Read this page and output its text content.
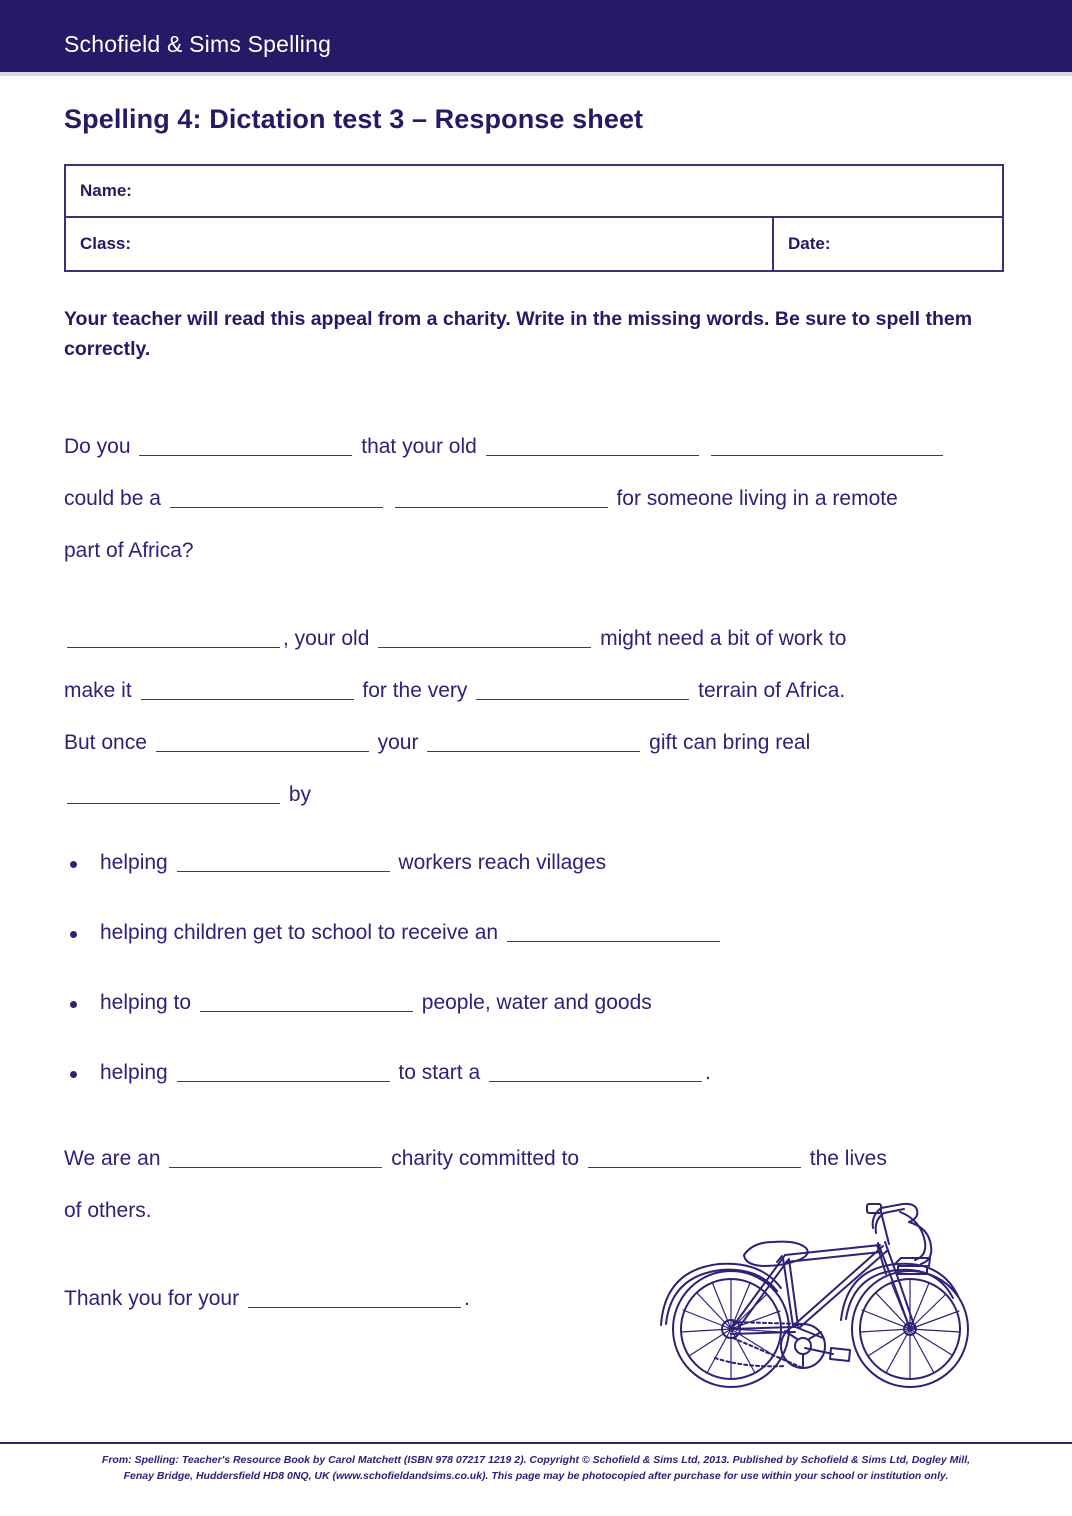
Schofield & Sims Spelling
Spelling 4: Dictation test 3 – Response sheet
Name:
Class:	Date:
Your teacher will read this appeal from a charity. Write in the missing words. Be sure to spell them correctly.
Do you	that your old
could be a	for someone living in a remote
part of Africa?
, your old	might need a bit of work to
make it	for the very	terrain of Africa.
But once	your	gift can bring real
by
helping	workers reach villages
helping children get to school to receive an
helping to	people, water and goods
helping	to start a	.
We are an	charity committed to	the lives
of others.
Thank you for your	.
From: Spelling: Teacher's Resource Book by Carol Matchett (ISBN 978 07217 1219 2). Copyright © Schofield & Sims Ltd, 2013. Published by Schofield & Sims Ltd, Dogley Mill,
Fenay Bridge, Huddersfield HD8 0NQ, UK (www.schofieldandsims.co.uk). This page may be photocopied after purchase for use within your school or institution only.
